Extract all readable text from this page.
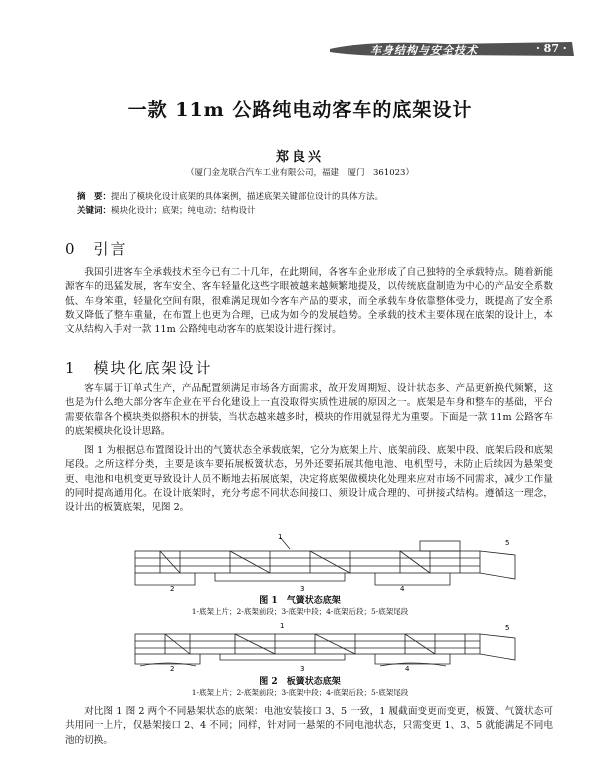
车身结构与安全技术	· 87 ·
一款 11m 公路纯电动客车的底架设计
郑良兴
（厦门金龙联合汽车工业有限公司，福建　厦门　361023）
摘　要：提出了模块化设计底架的具体案例，描述底架关键部位设计的具体方法。
关键词：模块化设计；底架；纯电动；结构设计
0　引言

我国引进客车全承载技术至今已有二十几年，在此期间，各客车企业形成了自己独特的全承载特点。随着新能源客车的迅猛发展，客车安全、客车轻量化这些字眼被越来越频繁地提及，以传统底盘制造为中心的产品安全系数低、车身笨重，轻量化空间有限，很难满足现如今客车产品的要求，而全承载车身依靠整体受力，既提高了安全系数又降低了整车重量，在布置上也更为合理，已成为如今的发展趋势。全承载的技术主要体现在底架的设计上，本文从结构入手对一款 11m 公路纯电动客车的底架设计进行探讨。

1　模块化底架设计

客车属于订单式生产，产品配置须满足市场各方面需求，故开发周期短、设计状态多、产品更新换代频繁，这也是为什么绝大部分客车企业在平台化建设上一直没取得实质性进展的原因之一。底架是车身和整车的基础，平台需要依靠各个模块类似搭积木的拼装，当状态越来越多时，模块的作用就显得尤为重要。下面是一款 11m 公路客车的底架模块化设计思路。

图 1 为根据总布置图设计出的气簧状态全承载底架，它分为底架上片、底架前段、底架中段、底架后段和底架尾段。之所这样分类，主要是该车要拓展板簧状态，另外还要拓展其他电池、电机型号，未防止后续因为悬架变更、电池和电机变更导致设计人员不断地去拓展底架，决定将底架做模块化处理来应对市场不同需求，减少工作量的同时提高通用化。在设计底架时，充分考虑不同状态间接口、须设计成合理的、可拼接式结构。遵循这一理念，设计出的板簧底架，见图 2。

1
2	3	4
5
图 1　气簧状态底架
1-底架上片；2-底架前段；3-底架中段；4-底架后段；5-底架尾段
1
2	3	4
5
图 2　板簧状态底架
1-底架上片；2-底架前段；3-底架中段；4-底架后段；5-底架尾段

对比图 1 图 2 两个不同悬架状态的底架：电池安装接口 3、5 一致，1 履截面变更而变更，板簧、气簧状态可共用同一上片，仅悬架接口 2、4 不同；同样，针对同一悬架的不同电池状态，只需变更 1、3、5 就能满足不同电池的切换。
